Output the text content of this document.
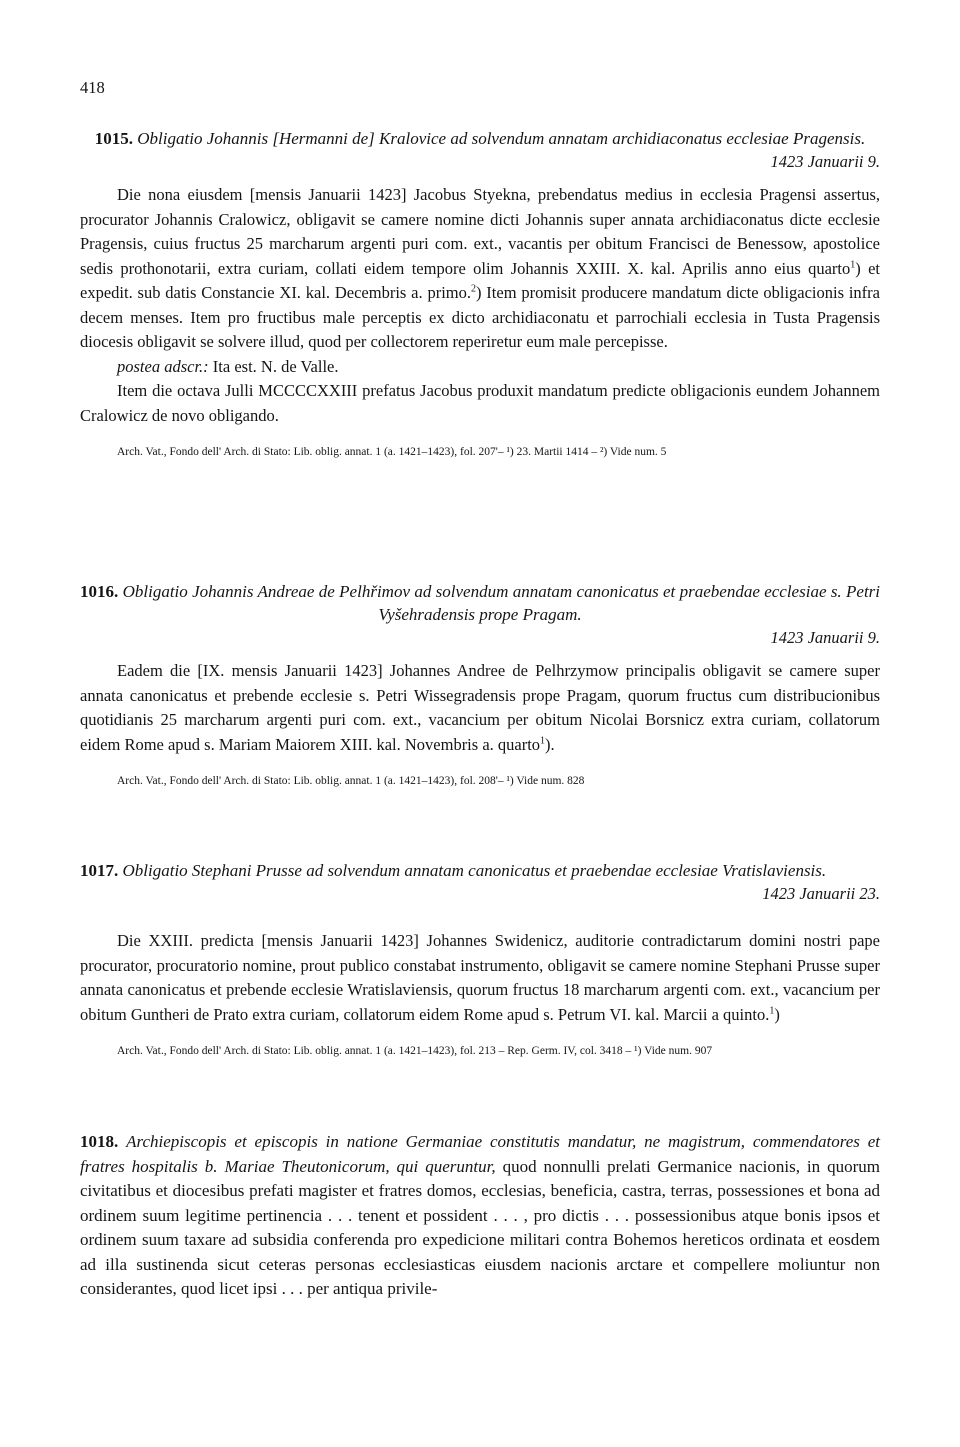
418
1015. Obligatio Johannis [Hermanni de] Kralovice ad solvendum annatam archidiaconatus ecclesiae Pragensis.
1423 Januarii 9.

Die nona eiusdem [mensis Januarii 1423] Jacobus Styekna, prebendatus medius in ecclesia Pragensi assertus, procurator Johannis Cralowicz, obligavit se camere nomine dicti Johannis super annata archidiaconatus dicte ecclesie Pragensis, cuius fructus 25 marcharum argenti puri com. ext., vacantis per obitum Francisci de Benessow, apostolice sedis prothonotarii, extra curiam, collati eidem tempore olim Johannis XXIII. X. kal. Aprilis anno eius quarto$^1$) et expedit. sub datis Constancie XI. kal. Decembris a. primo.$^2$) Item promisit producere mandatum dicte obligacionis infra decem menses. Item pro fructibus male perceptis ex dicto archidiaconatu et parrochiali ecclesia in Tusta Pragensis diocesis obligavit se solvere illud, quod per collectorem reperiretur eum male percepisse.

postea adscr.: Ita est. N. de Valle.

Item die octava Julli MCCCCXXIII prefatus Jacobus produxit mandatum predicte obligacionis eundem Johannem Cralowicz de novo obligando.

Arch. Vat., Fondo dell' Arch. di Stato: Lib. oblig. annat. 1 (a. 1421–1423), fol. 207'– ¹) 23. Martii 1414 – ²) Vide num. 5
1016. Obligatio Johannis Andreae de Pelhřimov ad solvendum annatam canonicatus et praebendae ecclesiae s. Petri Vyšehradensis prope Pragam.
1423 Januarii 9.

Eadem die [IX. mensis Januarii 1423] Johannes Andree de Pelhrzymow principalis obligavit se camere super annata canonicatus et prebende ecclesie s. Petri Wissegradensis prope Pragam, quorum fructus cum distribucionibus quotidianis 25 marcharum argenti puri com. ext., vacancium per obitum Nicolai Borsnicz extra curiam, collatorum eidem Rome apud s. Mariam Maiorem XIII. kal. Novembris a. quarto$^1$).

Arch. Vat., Fondo dell' Arch. di Stato: Lib. oblig. annat. 1 (a. 1421–1423), fol. 208'– ¹) Vide num. 828
1017. Obligatio Stephani Prusse ad solvendum annatam canonicatus et praebendae ecclesiae Vratislaviensis.
1423 Januarii 23.

Die XXIII. predicta [mensis Januarii 1423] Johannes Swidenicz, auditorie contradictarum domini nostri pape procurator, procuratorio nomine, prout publico constabat instrumento, obligavit se camere nomine Stephani Prusse super annata canonicatus et prebende ecclesie Wratislaviensis, quorum fructus 18 marcharum argenti com. ext., vacancium per obitum Guntheri de Prato extra curiam, collatorum eidem Rome apud s. Petrum VI. kal. Marcii a quinto.$^1$)

Arch. Vat., Fondo dell' Arch. di Stato: Lib. oblig. annat. 1 (a. 1421–1423), fol. 213 – Rep. Germ. IV, col. 3418 – ¹) Vide num. 907
1018. Archiepiscopis et episcopis in natione Germaniae constitutis mandatur, ne magistrum, commendatores et fratres hospitalis b. Mariae Theutonicorum, qui queruntur, quod nonnulli prelati Germanice nacionis, in quorum civitatibus et diocesibus prefati magister et fratres domos, ecclesias, beneficia, castra, terras, possessiones et bona ad ordinem suum legitime pertinencia . . . tenent et possident . . . , pro dictis . . . possessionibus atque bonis ipsos et ordinem suum taxare ad subsidia conferenda pro expedicione militari contra Bohemos hereticos ordinata et eosdem ad illa sustinenda sicut ceteras personas ecclesiasticas eiusdem nacionis arctare et compellere moliuntur non considerantes, quod licet ipsi . . . per antiqua privile-
